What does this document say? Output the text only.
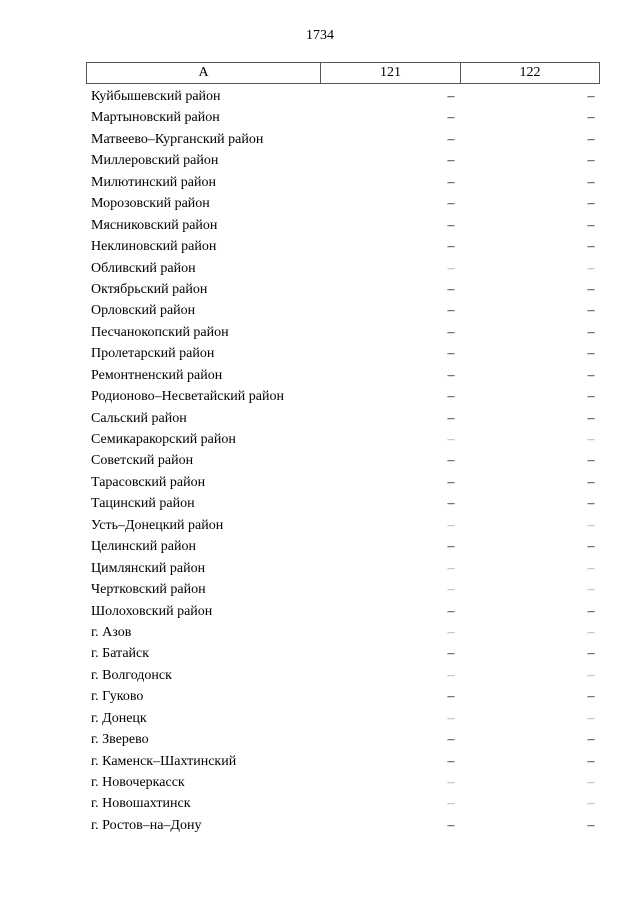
1734
А	121	122
Куйбышевский район	–	–
Мартыновский район	–	–
Матвеево–Курганский район	–	–
Миллеровский район	–	–
Милютинский район	–	–
Морозовский район	–	–
Мясниковский район	–	–
Неклиновский район	–	–
Обливский район	–	–
Октябрьский район	–	–
Орловский район	–	–
Песчанокопский район	–	–
Пролетарский район	–	–
Ремонтненский район	–	–
Родионово–Несветайский район	–	–
Сальский район	–	–
Семикаракорский район	–	–
Советский район	–	–
Тарасовский район	–	–
Тацинский район	–	–
Усть–Донецкий район	–	–
Целинский район	–	–
Цимлянский район	–	–
Чертковский район	–	–
Шолоховский район	–	–
г. Азов	–	–
г. Батайск	–	–
г. Волгодонск	–	–
г. Гуково	–	–
г. Донецк	–	–
г. Зверево	–	–
г. Каменск–Шахтинский	–	–
г. Новочеркасск	–	–
г. Новошахтинск	–	–
г. Ростов–на–Дону	–	–
